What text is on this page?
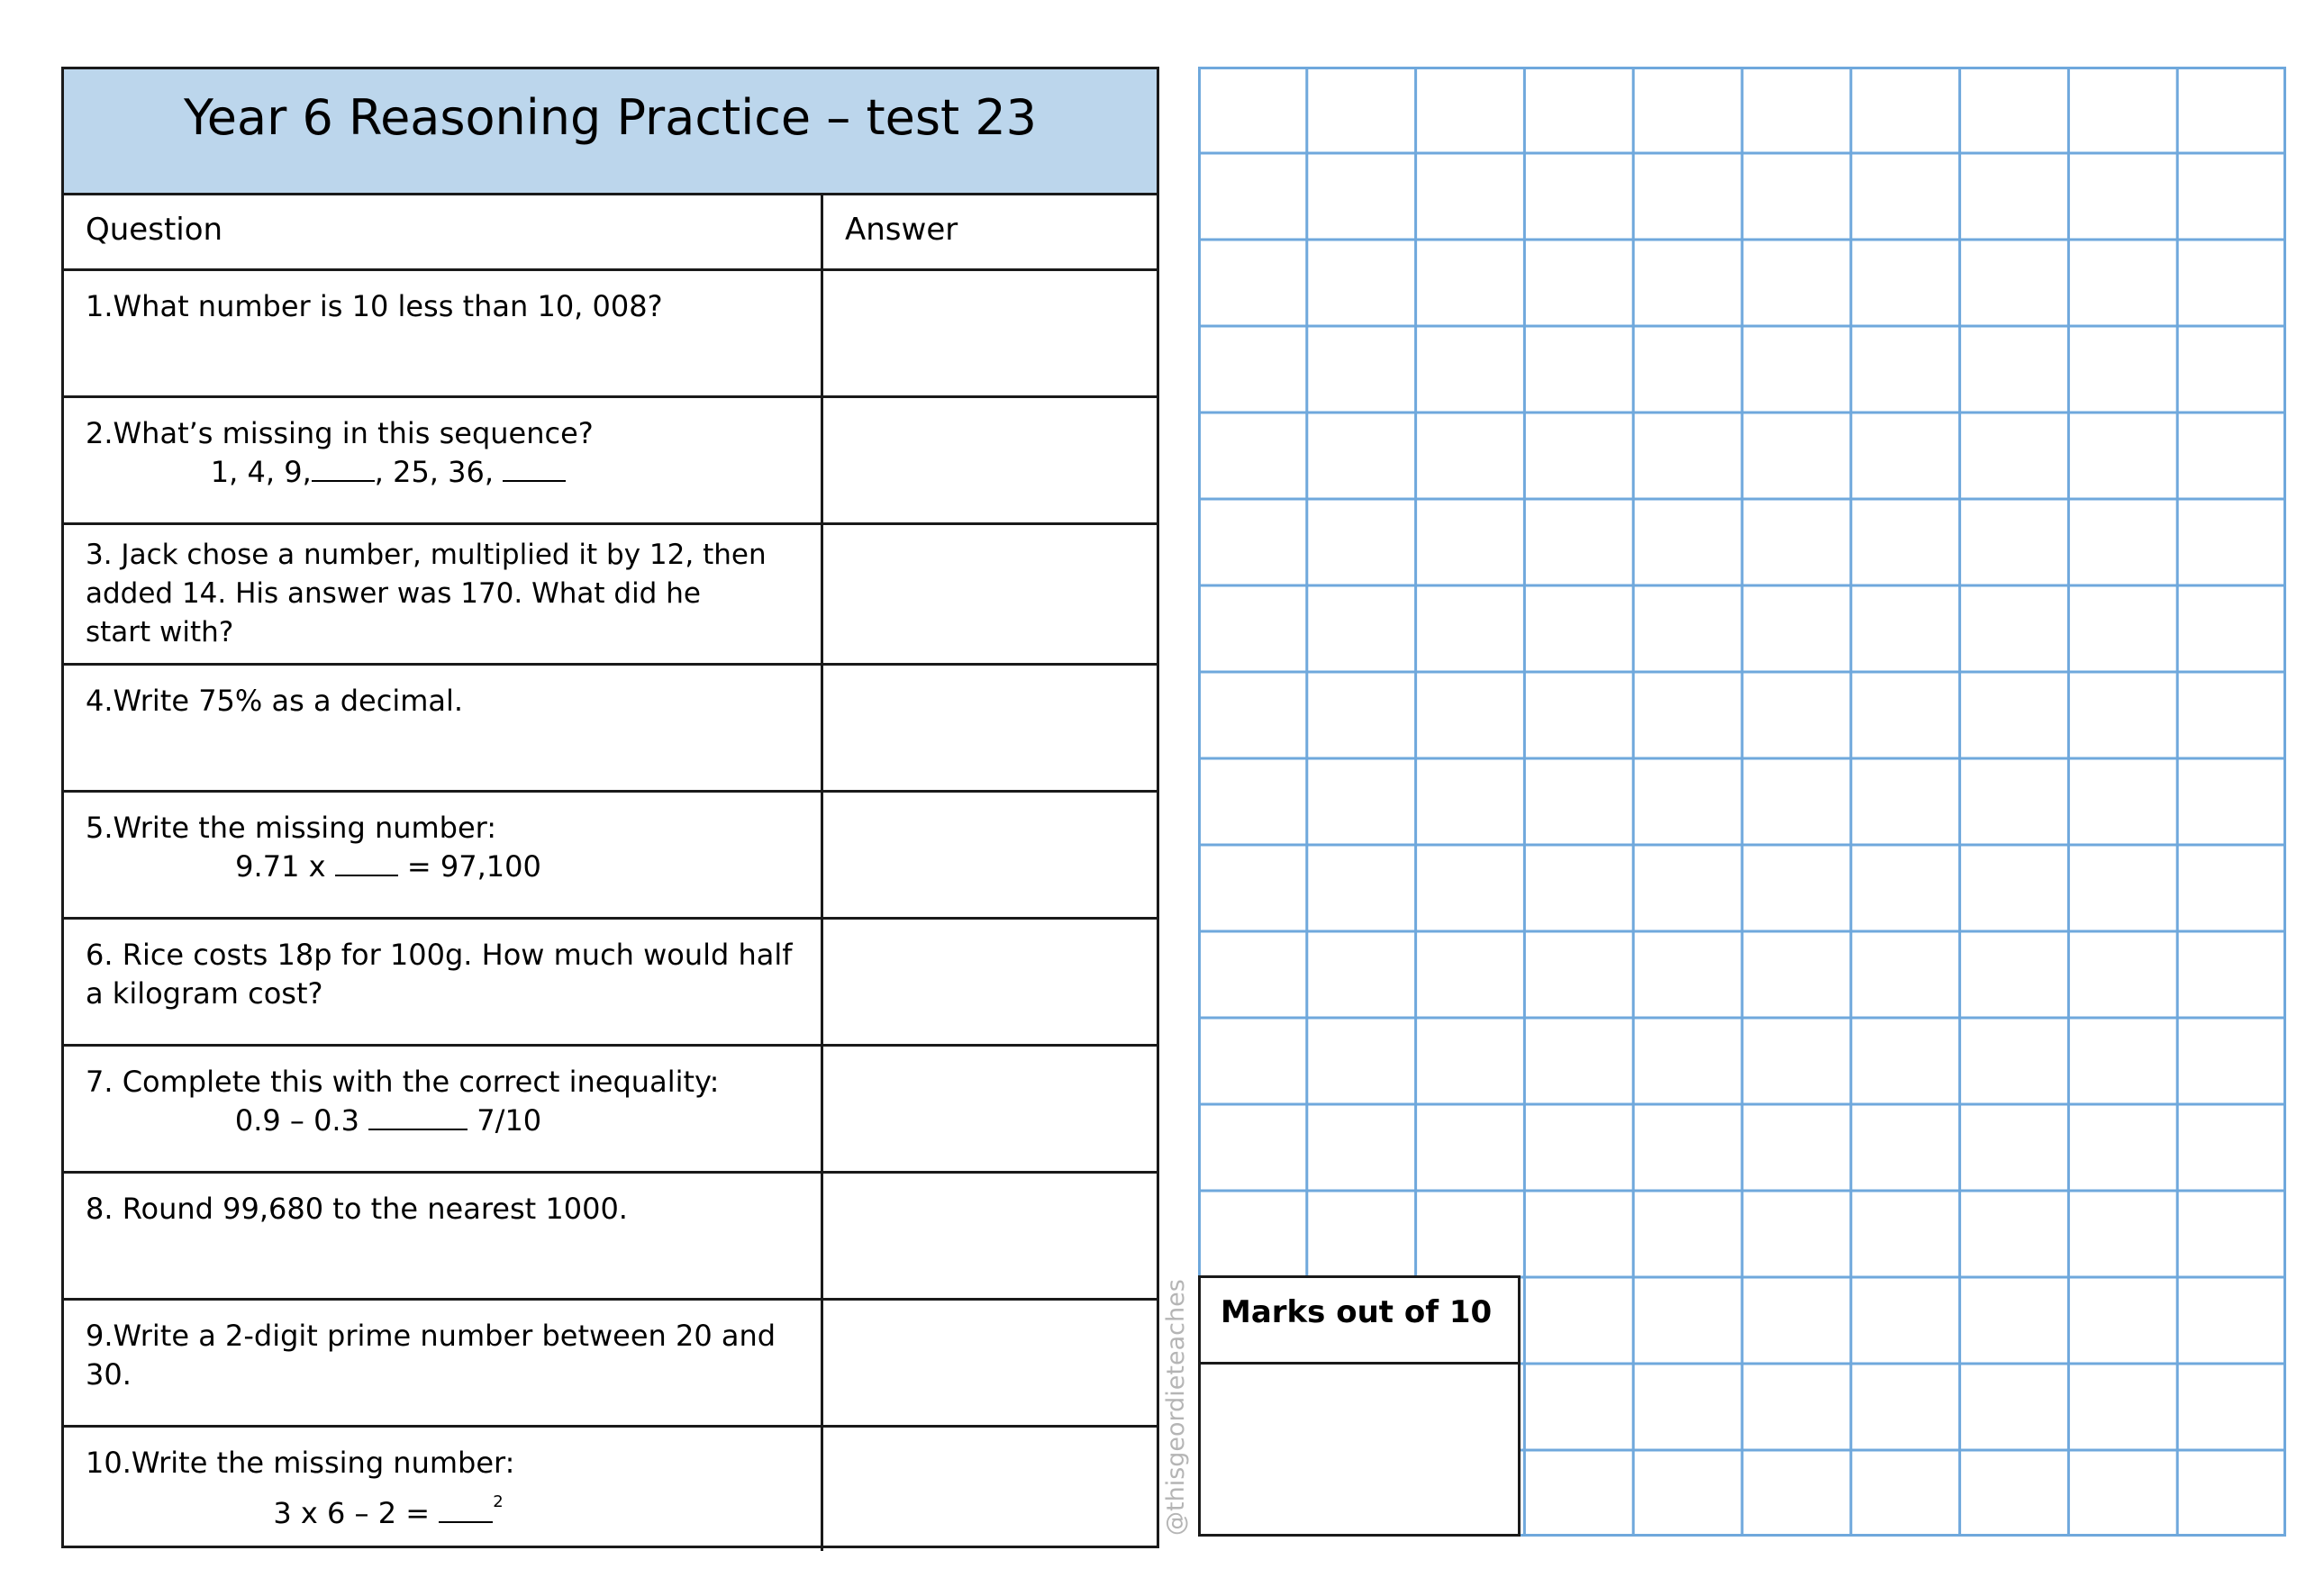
Year 6 Reasoning Practice – test 23
Question	Answer
1.What number is 10 less than 10, 008?
2.What’s missing in this sequence?
1, 4, 9, , 25, 36,
3. Jack chose a number, multiplied it by 12, then added 14. His answer was 170. What did he start with?
4.Write 75% as a decimal.
5.Write the missing number:
9.71 x	= 97,100
6. Rice costs 18p for 100g. How much would half a kilogram cost?
7. Complete this with the correct inequality:
0.9 – 0.3	7/10
8. Round 99,680 to the nearest 1000.
9.Write a 2-digit prime number between 20 and 30.
10.Write the missing number:
3 x 6 – 2 =	$^2$
Marks out of 10
@thisgeordieteaches
